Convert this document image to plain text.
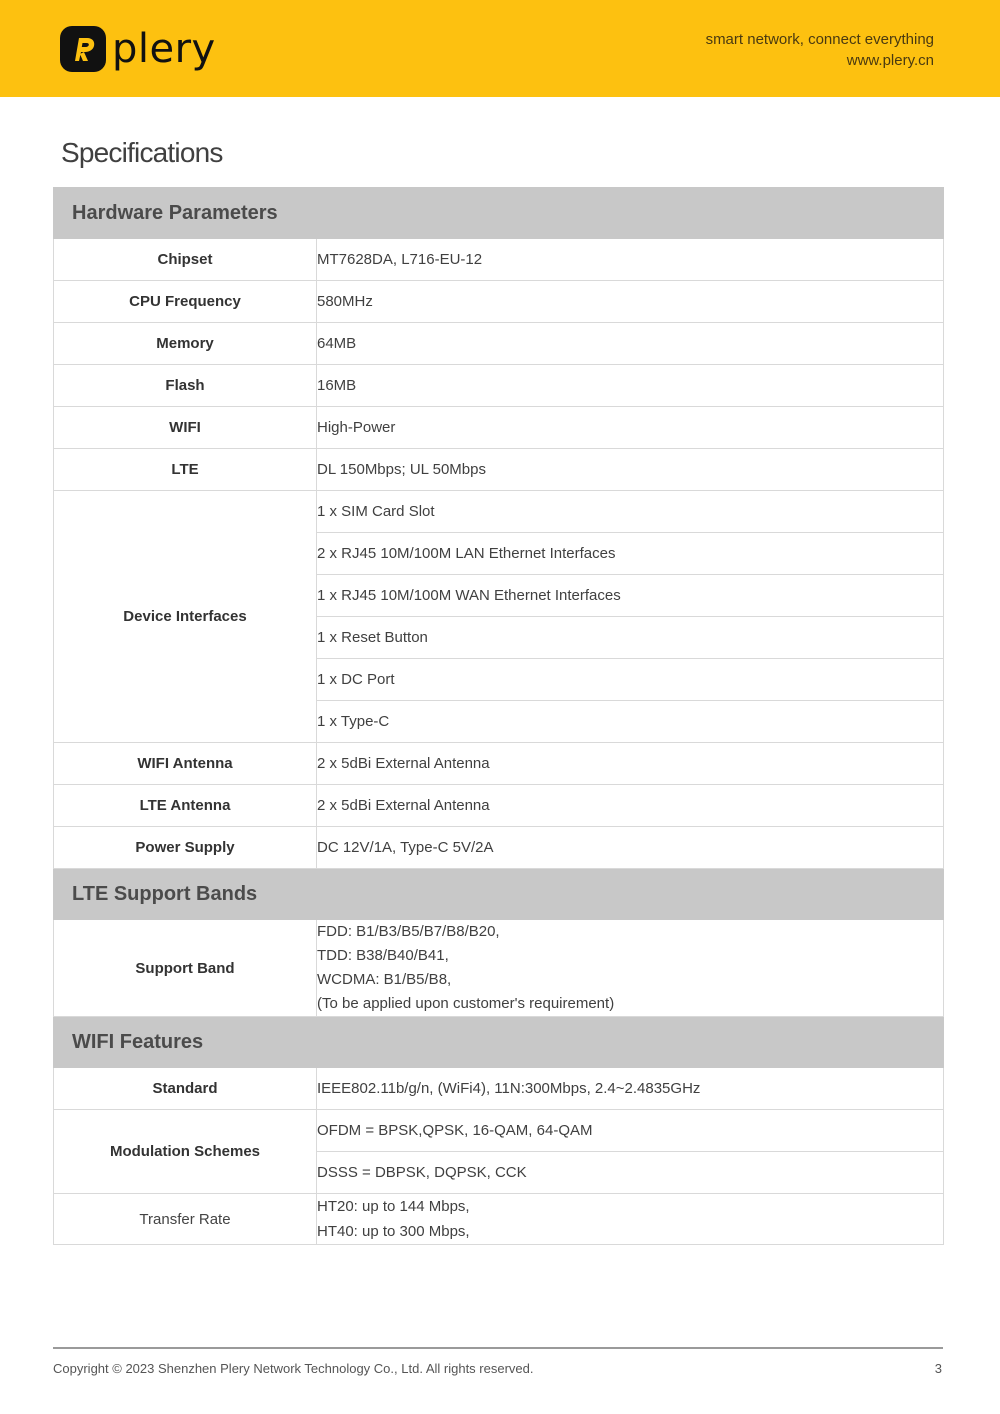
plery	smart network, connect everything
www.plery.cn
Specifications
Hardware Parameters	
Chipset	MT7628DA, L716-EU-12
CPU Frequency	580MHz
Memory	64MB
Flash	16MB
WIFI	High-Power
LTE	DL 150Mbps; UL 50Mbps
Device Interfaces	1 x SIM Card Slot
	2 x RJ45 10M/100M LAN Ethernet Interfaces
	1 x RJ45 10M/100M WAN Ethernet Interfaces
	1 x Reset Button
	1 x DC Port
	1 x Type-C
WIFI Antenna	2 x 5dBi External Antenna
LTE Antenna	2 x 5dBi External Antenna
Power Supply	DC 12V/1A, Type-C 5V/2A
LTE Support Bands	
Support Band	FDD: B1/B3/B5/B7/B8/B20,
TDD: B38/B40/B41,
WCDMA: B1/B5/B8,
(To be applied upon customer's requirement)

WIFI Features	
Standard	IEEE802.11b/g/n, (WiFi4), 11N:300Mbps, 2.4~2.4835GHz
Modulation Schemes	OFDM = BPSK,QPSK, 16-QAM, 64-QAM
	DSSS = DBPSK, DQPSK, CCK
Transfer Rate	HT20: up to 144 Mbps,
HT40: up to 300 Mbps,
Copyright © 2023 Shenzhen Plery Network Technology Co., Ltd. All rights reserved.	3
